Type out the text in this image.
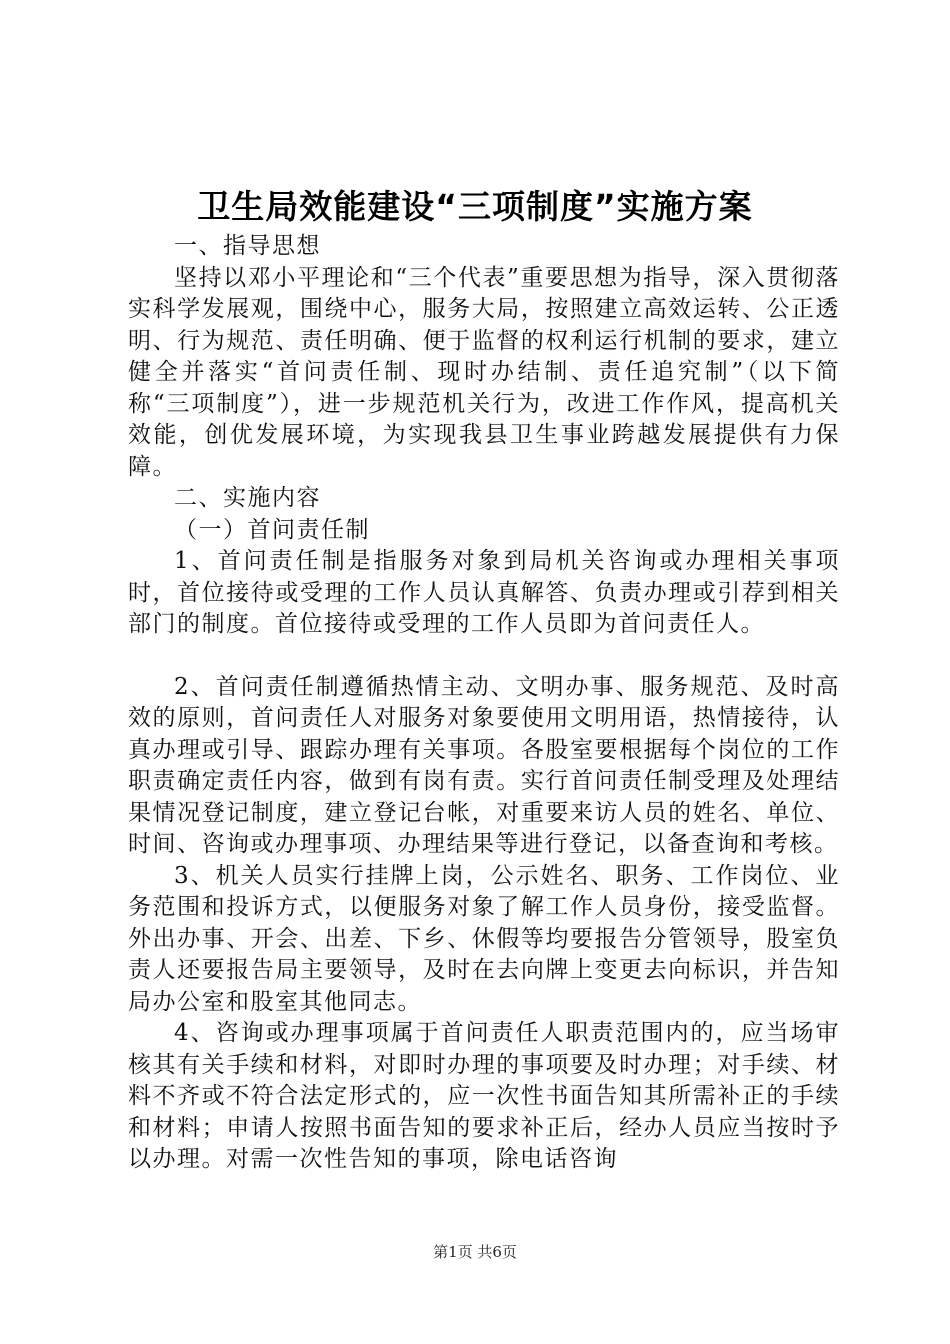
卫生局效能建设“三项制度”实施方案

一、指导思想

坚持以邓小平理论和“三个代表”重要思想为指导，深入贯彻落实科学发展观，围绕中心，服务大局，按照建立高效运转、公正透明、行为规范、责任明确、便于监督的权利运行机制的要求，建立健全并落实“首问责任制、现时办结制、责任追究制”（以下简称“三项制度”），进一步规范机关行为，改进工作作风，提高机关效能，创优发展环境，为实现我县卫生事业跨越发展提供有力保障。

二、实施内容

（一）首问责任制

1、首问责任制是指服务对象到局机关咨询或办理相关事项时，首位接待或受理的工作人员认真解答、负责办理或引荐到相关部门的制度。首位接待或受理的工作人员即为首问责任人。

2、首问责任制遵循热情主动、文明办事、服务规范、及时高效的原则，首问责任人对服务对象要使用文明用语，热情接待，认真办理或引导、跟踪办理有关事项。各股室要根据每个岗位的工作职责确定责任内容，做到有岗有责。实行首问责任制受理及处理结果情况登记制度，建立登记台帐，对重要来访人员的姓名、单位、时间、咨询或办理事项、办理结果等进行登记，以备查询和考核。

3、机关人员实行挂牌上岗，公示姓名、职务、工作岗位、业务范围和投诉方式，以便服务对象了解工作人员身份，接受监督。外出办事、开会、出差、下乡、休假等均要报告分管领导，股室负责人还要报告局主要领导，及时在去向牌上变更去向标识，并告知局办公室和股室其他同志。

4、咨询或办理事项属于首问责任人职责范围内的，应当场审核其有关手续和材料，对即时办理的事项要及时办理；对手续、材料不齐或不符合法定形式的，应一次性书面告知其所需补正的手续和材料；申请人按照书面告知的要求补正后，经办人员应当按时予以办理。对需一次性告知的事项，除电话咨询

第1页 共6页
